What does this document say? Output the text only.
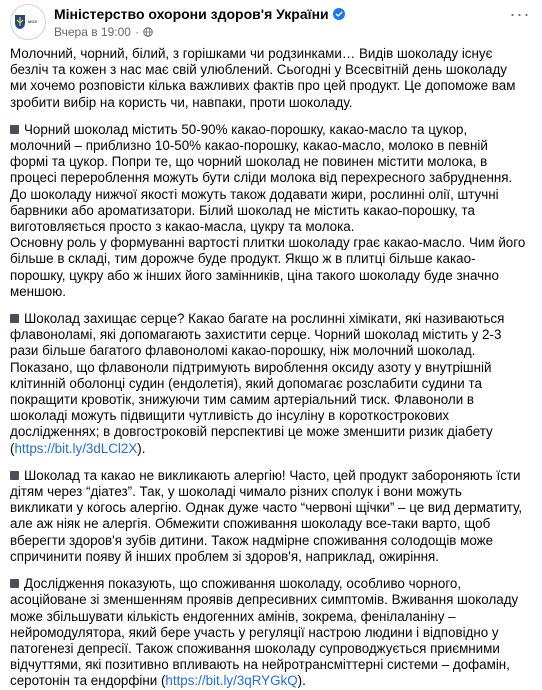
МОЗ	Міністерство охорони здоров'я України
Вчера в 19:00 ·
···

Молочний, чорний, білий, з горішками чи родзинками… Видів шоколаду існує безліч та кожен з нас має свій улюблений. Сьогодні у Всесвітній день шоколаду ми хочемо розповісти кілька важливих фактів про цей продукт. Це допоможе вам зробити вибір на користь чи, навпаки, проти шоколаду.

Чорний шоколад містить 50-90% какао-порошку, какао-масло та цукор, молочний – приблизно 10-50% какао-порошку, какао-масло, молоко в певній формі та цукор. Попри те, що чорний шоколад не повинен містити молока, в процесі перероблення можуть бути сліди молока від перехресного забруднення. До шоколаду нижчої якості можуть також додавати жири, рослинні олії, штучні барвники або ароматизатори. Білий шоколад не містить какао-порошку, та виготовляється просто з какао-масла, цукру та молока.

Основну роль у формуванні вартості плитки шоколаду грає какао-масло. Чим його більше в складі, тим дорожче буде продукт. Якщо ж в плитці більше какао-порошку, цукру або ж інших його замінників, ціна такого шоколаду буде значно меншою.

Шоколад захищає серце? Какао багате на рослинні хімікати, які називаються флавоноламі, які допомагають захистити серце. Чорний шоколад містить у 2-3 рази більше багатого флавоноломі какао-порошку, ніж молочний шоколад. Показано, що флавоноли підтримують вироблення оксиду азоту у внутрішній клітинній оболонці судин (ендолетія), який допомагає розслабити судини та покращити кровотік, знижуючи тим самим артеріальний тиск. Флавоноли в шоколаді можуть підвищити чутливість до інсуліну в короткострокових дослідженнях; в довгостроковій перспективі це може зменшити ризик діабету (https://bit.ly/3dLCl2X).

Шоколад та какао не викликають алергію! Часто, цей продукт забороняють їсти дітям через “діатез”. Так, у шоколаді чимало різних сполук і вони можуть викликати у когось алергію. Однак дуже часто “червоні щічки” – це вид дерматиту, але аж ніяк не алергія. Обмежити споживання шоколаду все-таки варто, щоб вберегти здоров'я зубів дитини. Також надмірне споживання солодощів може спричинити появу й інших проблем зі здоров'я, наприклад, ожиріння.

Дослідження показують, що споживання шоколаду, особливо чорного, асоційоване зі зменшенням проявів депресивних симптомів. Вживання шоколаду може збільшувати кількість ендогенних амінів, зокрема, фенілаланіну – нейромодулятора, який бере участь у регуляції настрою людини і відповідно у патогенезі депресії. Також споживання шоколаду супроводжується приємними відчуттями, які позитивно впливають на нейротрансміттерні системи – дофамін, серотонін та ендорфіни (https://bit.ly/3qRYGkQ).
